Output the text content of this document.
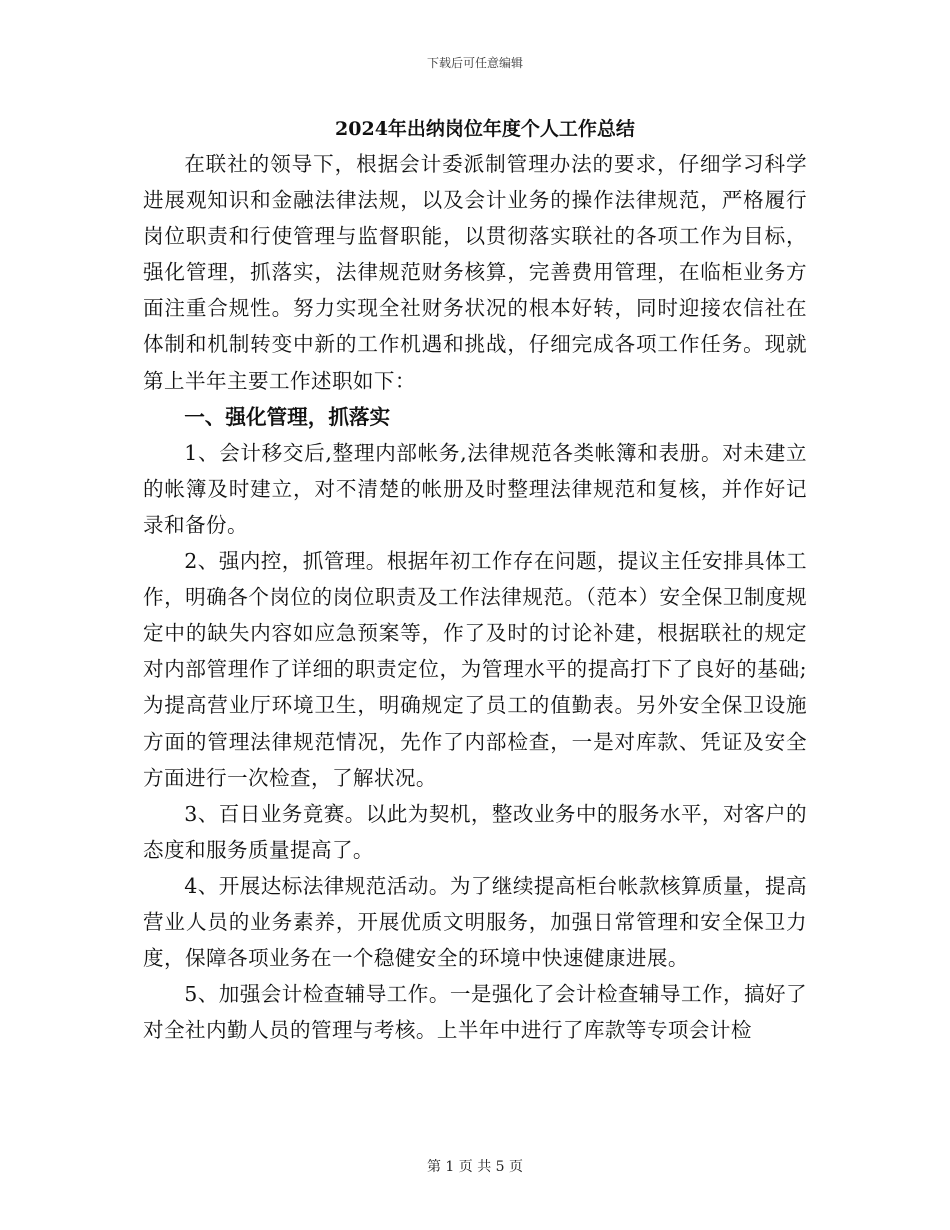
下载后可任意编辑
2024年出纳岗位年度个人工作总结

在联社的领导下，根据会计委派制管理办法的要求，仔细学习科学进展观知识和金融法律法规，以及会计业务的操作法律规范，严格履行岗位职责和行使管理与监督职能，以贯彻落实联社的各项工作为目标，强化管理，抓落实，法律规范财务核算，完善费用管理，在临柜业务方面注重合规性。努力实现全社财务状况的根本好转，同时迎接农信社在体制和机制转变中新的工作机遇和挑战，仔细完成各项工作任务。现就第上半年主要工作述职如下：

一、强化管理，抓落实

1、会计移交后,整理内部帐务,法律规范各类帐簿和表册。对未建立的帐簿及时建立，对不清楚的帐册及时整理法律规范和复核，并作好记录和备份。

2、强内控，抓管理。根据年初工作存在问题，提议主任安排具体工作，明确各个岗位的岗位职责及工作法律规范。（范本）安全保卫制度规定中的缺失内容如应急预案等，作了及时的讨论补建，根据联社的规定对内部管理作了详细的职责定位，为管理水平的提高打下了良好的基础;为提高营业厅环境卫生，明确规定了员工的值勤表。另外安全保卫设施方面的管理法律规范情况，先作了内部检查，一是对库款、凭证及安全方面进行一次检查，了解状况。

3、百日业务竟赛。以此为契机，整改业务中的服务水平，对客户的态度和服务质量提高了。

4、开展达标法律规范活动。为了继续提高柜台帐款核算质量，提高营业人员的业务素养，开展优质文明服务，加强日常管理和安全保卫力度，保障各项业务在一个稳健安全的环境中快速健康进展。

5、加强会计检查辅导工作。一是强化了会计检查辅导工作，搞好了对全社内勤人员的管理与考核。上半年中进行了库款等专项会计检

第 1 页 共 5 页
